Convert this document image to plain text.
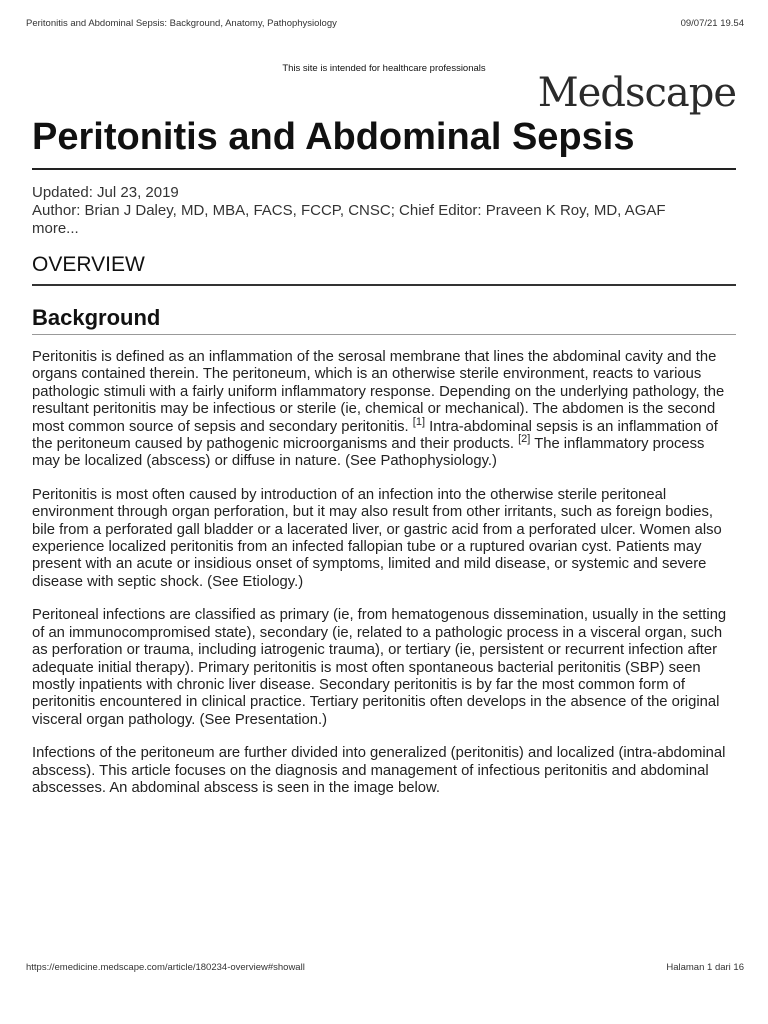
Peritonitis and Abdominal Sepsis: Background, Anatomy, Pathophysiology	09/07/21 19.54
This site is intended for healthcare professionals
Medscape
Peritonitis and Abdominal Sepsis
Updated: Jul 23, 2019
Author: Brian J Daley, MD, MBA, FACS, FCCP, CNSC; Chief Editor: Praveen K Roy, MD, AGAF
more...
OVERVIEW
Background

Peritonitis is defined as an inflammation of the serosal membrane that lines the abdominal cavity and the organs contained therein. The peritoneum, which is an otherwise sterile environment, reacts to various pathologic stimuli with a fairly uniform inflammatory response. Depending on the underlying pathology, the resultant peritonitis may be infectious or sterile (ie, chemical or mechanical). The abdomen is the second most common source of sepsis and secondary peritonitis. [1] Intra-abdominal sepsis is an inflammation of the peritoneum caused by pathogenic microorganisms and their products. [2] The inflammatory process may be localized (abscess) or diffuse in nature. (See Pathophysiology.)

Peritonitis is most often caused by introduction of an infection into the otherwise sterile peritoneal environment through organ perforation, but it may also result from other irritants, such as foreign bodies, bile from a perforated gall bladder or a lacerated liver, or gastric acid from a perforated ulcer. Women also experience localized peritonitis from an infected fallopian tube or a ruptured ovarian cyst. Patients may present with an acute or insidious onset of symptoms, limited and mild disease, or systemic and severe disease with septic shock. (See Etiology.)

Peritoneal infections are classified as primary (ie, from hematogenous dissemination, usually in the setting of an immunocompromised state), secondary (ie, related to a pathologic process in a visceral organ, such as perforation or trauma, including iatrogenic trauma), or tertiary (ie, persistent or recurrent infection after adequate initial therapy). Primary peritonitis is most often spontaneous bacterial peritonitis (SBP) seen mostly inpatients with chronic liver disease. Secondary peritonitis is by far the most common form of peritonitis encountered in clinical practice. Tertiary peritonitis often develops in the absence of the original visceral organ pathology. (See Presentation.)

Infections of the peritoneum are further divided into generalized (peritonitis) and localized (intra-abdominal abscess). This article focuses on the diagnosis and management of infectious peritonitis and abdominal abscesses. An abdominal abscess is seen in the image below.

https://emedicine.medscape.com/article/180234-overview#showall	Halaman 1 dari 16
